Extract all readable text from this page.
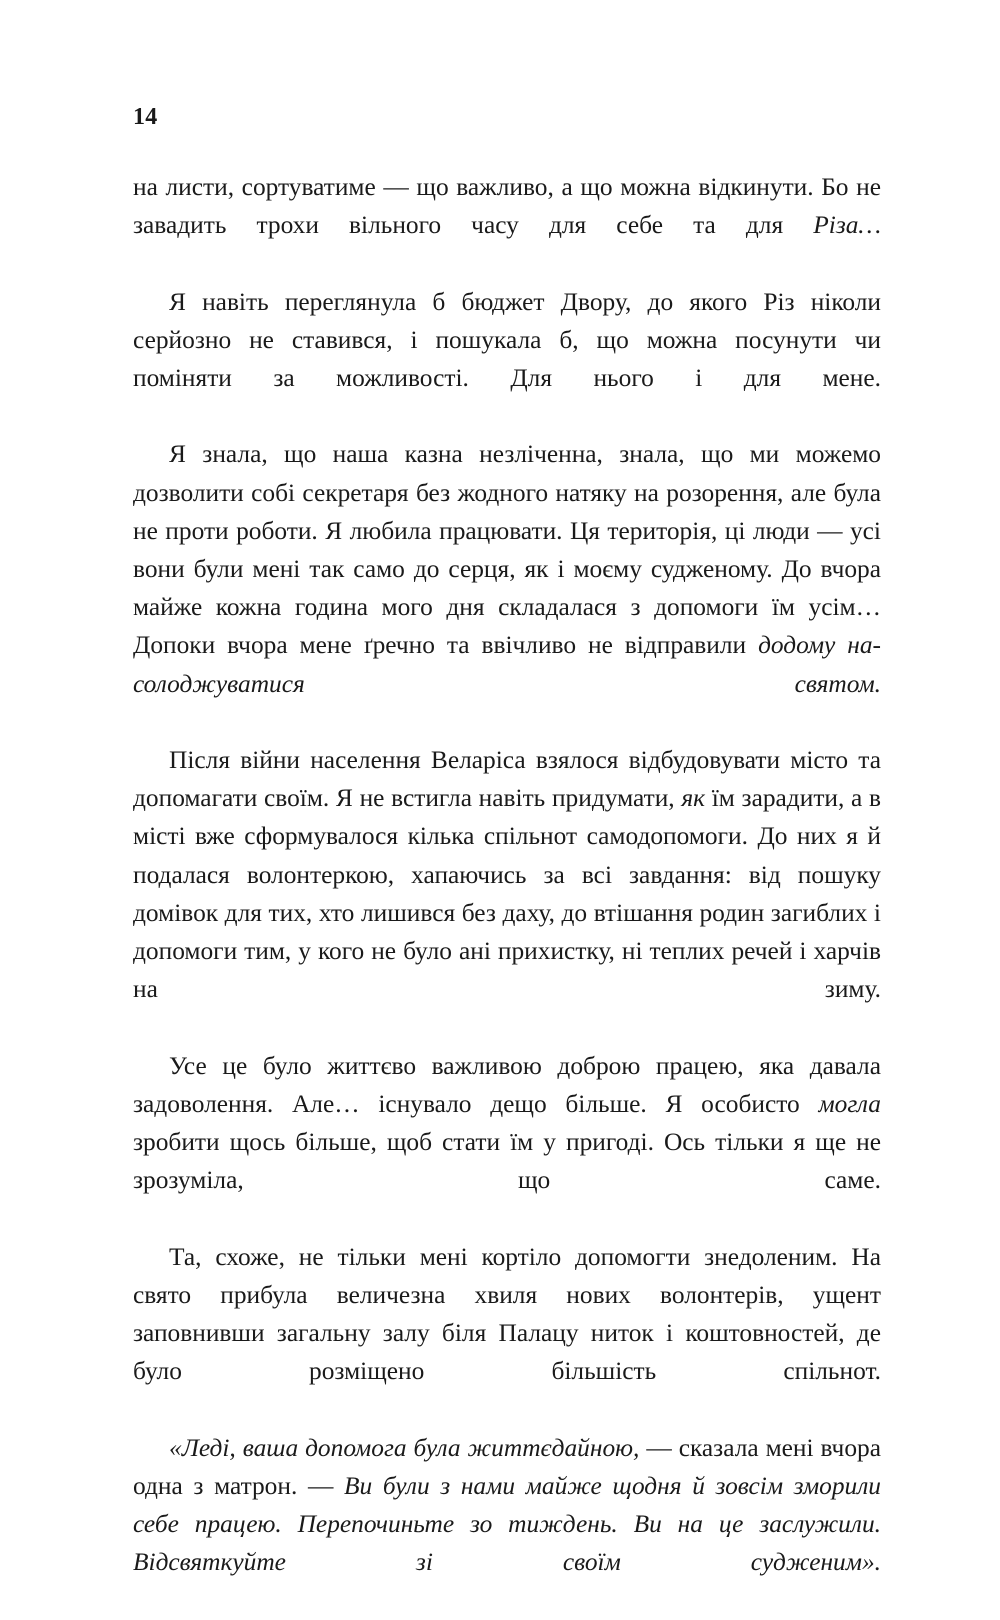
14

на листи, сортуватиме — що важливо, а що можна відкинути. Бо не завадить трохи вільного часу для себе та для Різа…

Я навіть переглянула б бюджет Двору, до якого Різ ніколи серйозно не ставився, і пошукала б, що можна посунути чи поміняти за можливості. Для нього і для мене.

Я знала, що наша казна незліченна, знала, що ми можемо дозволити собі секретаря без жодного натяку на розорення, але була не проти роботи. Я любила працювати. Ця територія, ці люди — усі вони були мені так само до серця, як і моєму судженому. До вчора майже кожна година мого дня складалася з допомоги їм усім… Допоки вчора мене ґречно та ввічливо не відправили додому насолоджуватися святом.

Після війни населення Веларіса взялося відбудовувати місто та допомагати своїм. Я не встигла навіть придумати, як їм зарадити, а в місті вже сформувалося кілька спільнот самодопомоги. До них я й подалася волонтеркою, хапаючись за всі завдання: від пошуку домівок для тих, хто лишився без даху, до втішання родин загиблих і допомоги тим, у кого не було ані прихистку, ні теплих речей і харчів на зиму.

Усе це було життєво важливою доброю працею, яка давала задоволення. Але… існувало дещо більше. Я особисто могла зробити щось більше, щоб стати їм у пригоді. Ось тільки я ще не зрозуміла, що саме.

Та, схоже, не тільки мені кортіло допомогти знедоленим. На свято прибула величезна хвиля нових волонтерів, ущент заповнивши загальну залу біля Палацу ниток і коштовностей, де було розміщено більшість спільнот.

«Леді, ваша допомога була життєдайною, — сказала мені вчора одна з матрон. — Ви були з нами майже щодня й зовсім зморили себе працею. Перепочиньте зо тиждень. Ви на це заслужили. Відсвяткуйте зі своїм судженим».
